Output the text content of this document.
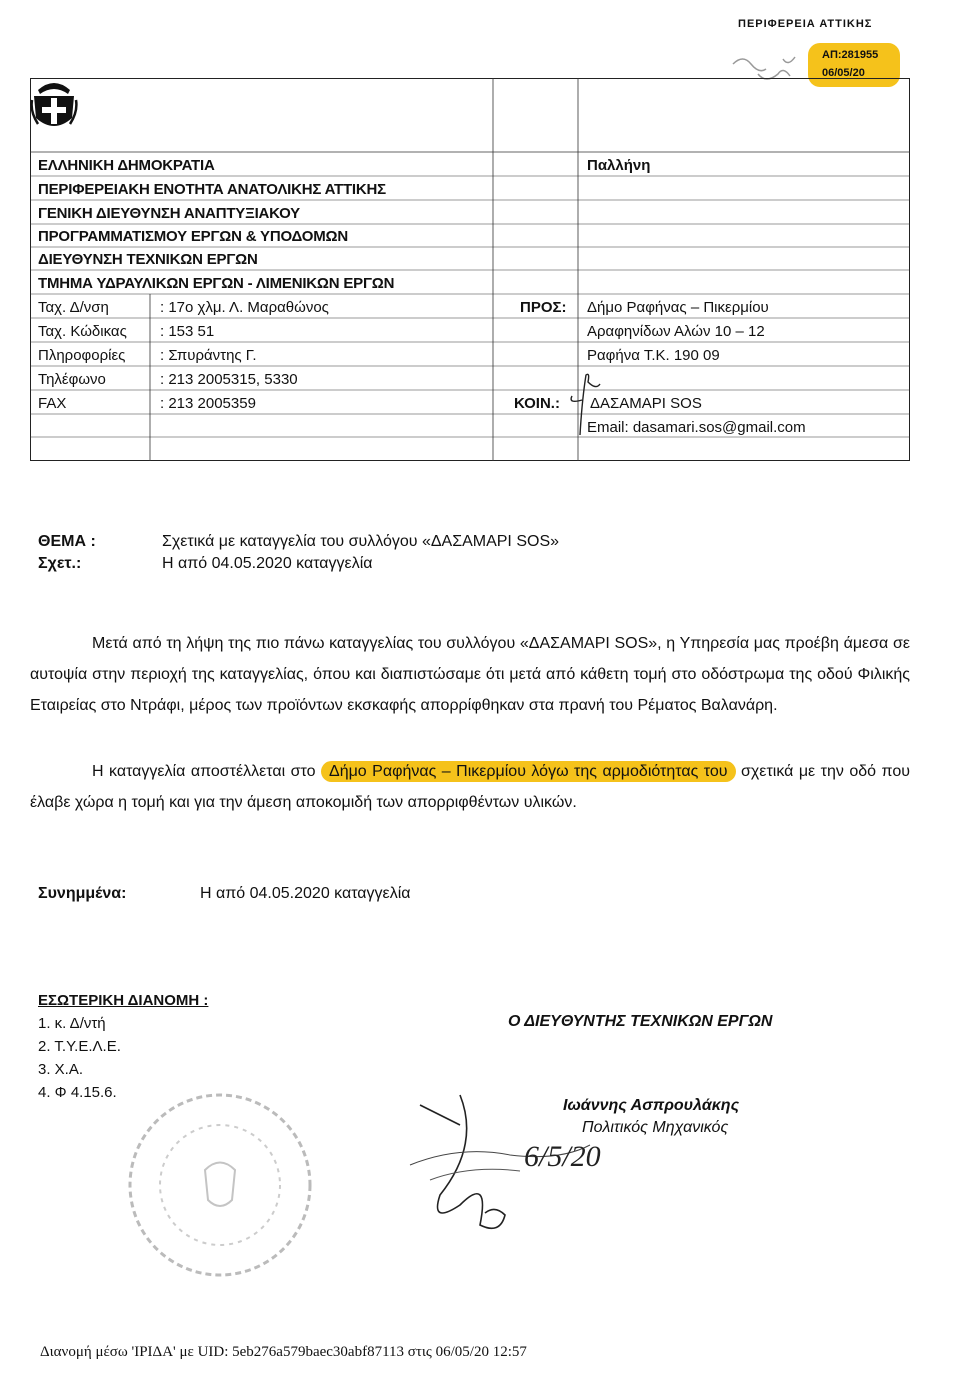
ΠΕΡΙΦΕΡΕΙΑ ΑΤΤΙΚΗΣ
ΑΠ:281955
06/05/20
ΕΛΛΗΝΙΚΗ ΔΗΜΟΚΡΑΤΙΑ
ΠΕΡΙΦΕΡΕΙΑΚΗ ΕΝΟΤΗΤΑ ΑΝΑΤΟΛΙΚΗΣ ΑΤΤΙΚΗΣ
ΓΕΝΙΚΗ ΔΙΕΥΘΥΝΣΗ ΑΝΑΠΤΥΞΙΑΚΟΥ
ΠΡΟΓΡΑΜΜΑΤΙΣΜΟΥ ΕΡΓΩΝ & ΥΠΟΔΟΜΩΝ
ΔΙΕΥΘΥΝΣΗ ΤΕΧΝΙΚΩΝ ΕΡΓΩΝ
ΤΜΗΜΑ ΥΔΡΑΥΛΙΚΩΝ ΕΡΓΩΝ - ΛΙΜΕΝΙΚΩΝ ΕΡΓΩΝ
Παλλήνη
Ταχ. Δ/νση	: 17ο χλμ. Λ. Μαραθώνος
Ταχ. Κώδικας : 153 51
Πληροφορίες : Σπυράντης Γ.
Τηλέφωνο	: 213 2005315, 5330
FAX	: 213 2005359
ΠΡΟΣ: Δήμο Ραφήνας – Πικερμίου
Αραφηνίδων Αλών 10 – 12
Ραφήνα Τ.Κ. 190 09
ΚΟΙΝ.: ΔΑΣΑΜΑΡΙ SOS
Email: dasamari.sos@gmail.com
ΘΕΜΑ :	Σχετικά με καταγγελία του συλλόγου «ΔΑΣΑΜΑΡΙ SOS»
Σχετ.:	Η από 04.05.2020 καταγγελία
Μετά από τη λήψη της πιο πάνω καταγγελίας του συλλόγου «ΔΑΣΑΜΑΡΙ SOS», η Υπηρεσία μας προέβη άμεσα σε αυτοψία στην περιοχή της καταγγελίας, όπου και διαπιστώσαμε ότι μετά από κάθετη τομή στο οδόστρωμα της οδού Φιλικής Εταιρείας στο Ντράφι, μέρος των προϊόντων εκσκαφής απορρίφθηκαν στα πρανή του Ρέματος Βαλανάρη.
Η καταγγελία αποστέλλεται στο Δήμο Ραφήνας – Πικερμίου λόγω της αρμοδιότητας του σχετικά με την οδό που έλαβε χώρα η τομή και για την άμεση αποκομιδή των απορριφθέντων υλικών.
Συνημμένα:	Η από 04.05.2020 καταγγελία
ΕΣΩΤΕΡΙΚΗ ΔΙΑΝΟΜΗ :
1. κ. Δ/ντή
2. Τ.Υ.Ε.Λ.Ε.
3. Χ.Α.
4. Φ 4.15.6.
Ο ΔΙΕΥΘΥΝΤΗΣ ΤΕΧΝΙΚΩΝ ΕΡΓΩΝ
Ιωάννης Ασπρουλάκης
Πολιτικός Μηχανικός
6/5/20
Διανομή μέσω 'ΙΡΙΔΑ' με UID: 5eb276a579baec30abf87113 στις 06/05/20 12:57
